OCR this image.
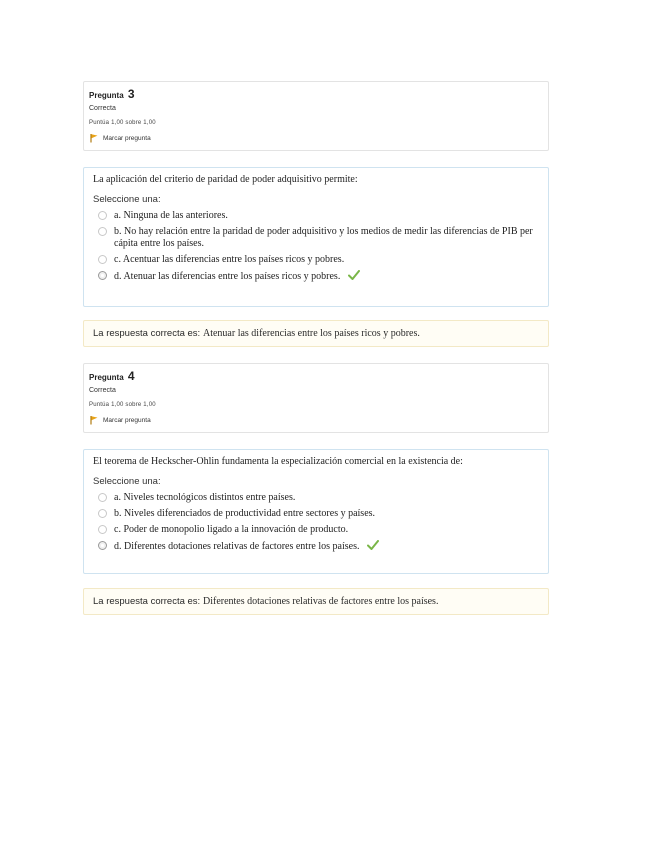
Pregunta 3
Correcta
Puntúa 1,00 sobre 1,00
Marcar pregunta
La aplicación del criterio de paridad de poder adquisitivo permite:
Seleccione una:
a. Ninguna de las anteriores.
b. No hay relación entre la paridad de poder adquisitivo y los medios de medir las diferencias de PIB per cápita entre los países.
c. Acentuar las diferencias entre los países ricos y pobres.
d. Atenuar las diferencias entre los países ricos y pobres.
La respuesta correcta es: Atenuar las diferencias entre los países ricos y pobres.
Pregunta 4
Correcta
Puntúa 1,00 sobre 1,00
Marcar pregunta
El teorema de Heckscher-Ohlin fundamenta la especialización comercial en la existencia de:
Seleccione una:
a. Niveles tecnológicos distintos entre países.
b. Niveles diferenciados de productividad entre sectores y países.
c. Poder de monopolio ligado a la innovación de producto.
d. Diferentes dotaciones relativas de factores entre los países.
La respuesta correcta es: Diferentes dotaciones relativas de factores entre los países.
